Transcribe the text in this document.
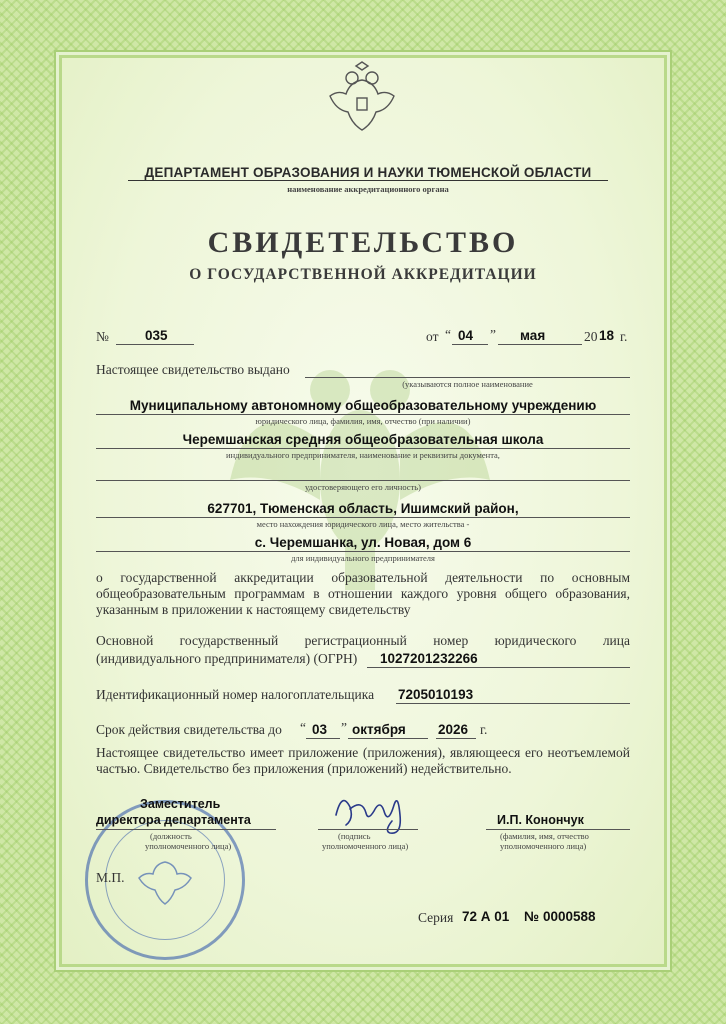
ДЕПАРТАМЕНТ ОБРАЗОВАНИЯ И НАУКИ ТЮМЕНСКОЙ ОБЛАСТИ
наименование аккредитационного органа
СВИДЕТЕЛЬСТВО
О ГОСУДАРСТВЕННОЙ АККРЕДИТАЦИИ
№	035	от “ 04 ” мая	20 18 г.
Настоящее свидетельство выдано
(указываются полное наименование
Муниципальному автономному общеобразовательному учреждению
юридического лица, фамилия, имя, отчество (при наличии)
Черемшанская средняя общеобразовательная школа
индивидуального предпринимателя, наименование и реквизиты документа,
удостоверяющего его личность)
627701, Тюменская область, Ишимский район,
место нахождения юридического лица, место жительства -
с. Черемшанка, ул. Новая, дом 6
для индивидуального предпринимателя
о государственной аккредитации образовательной деятельности по основным общеобразовательным программам в отношении каждого уровня общего образования, указанным в приложении к настоящему свидетельству
Основной государственный регистрационный номер юридического лица
(индивидуального предпринимателя) (ОГРН) 1027201232266
Идентификационный номер налогоплательщика 7205010193
Срок действия свидетельства до “ 03 ” октября 2026 г.
Настоящее свидетельство имеет приложение (приложения), являющееся его неотъемлемой частью. Свидетельство без приложения (приложений) недействительно.
Заместитель
директора департамента
(должность
уполномоченного лица)
(подпись
уполномоченного лица)
И.П. Конончук
(фамилия, имя, отчество
уполномоченного лица)
М.П.
Серия 72 А 01 № 0000588
